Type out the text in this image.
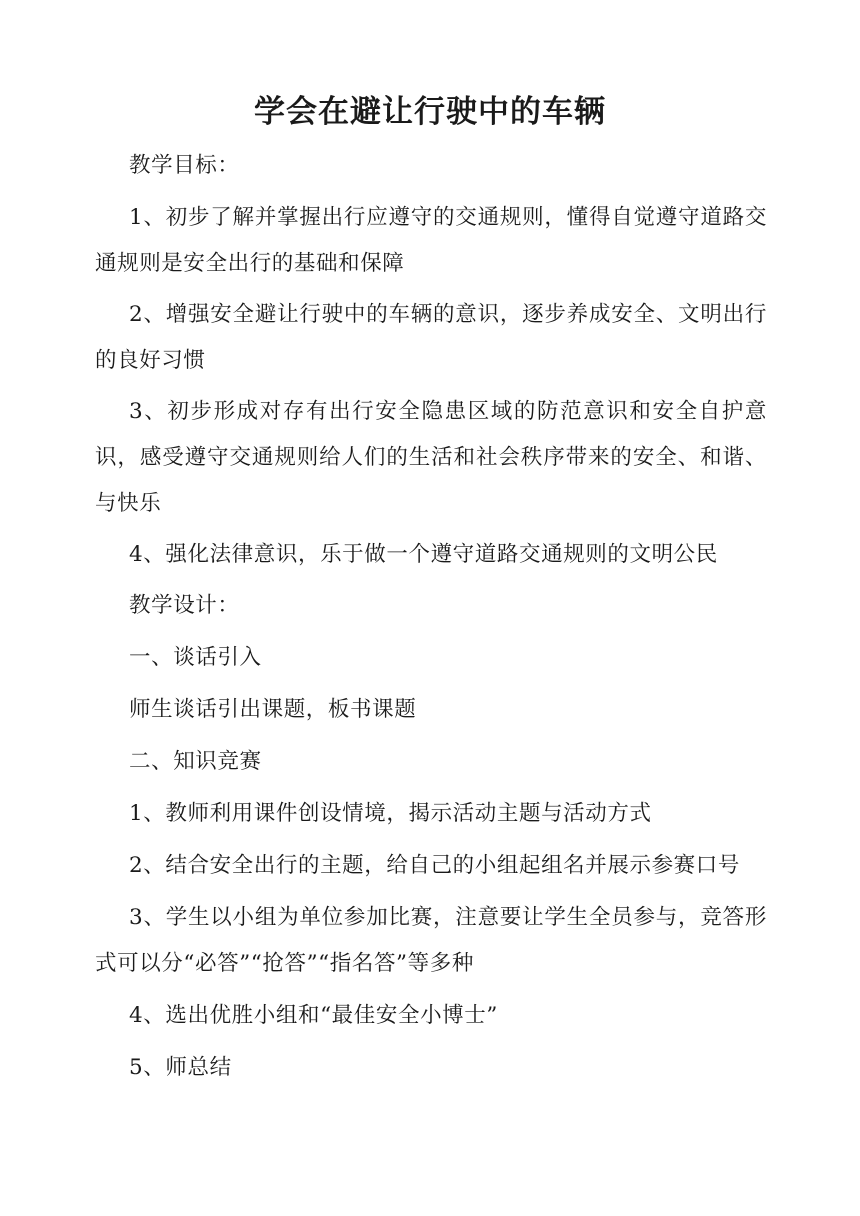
学会在避让行驶中的车辆

教学目标：

1、初步了解并掌握出行应遵守的交通规则，懂得自觉遵守道路交通规则是安全出行的基础和保障

2、增强安全避让行驶中的车辆的意识，逐步养成安全、文明出行的良好习惯

3、初步形成对存有出行安全隐患区域的防范意识和安全自护意识，感受遵守交通规则给人们的生活和社会秩序带来的安全、和谐、与快乐

4、强化法律意识，乐于做一个遵守道路交通规则的文明公民

教学设计：

一、谈话引入

师生谈话引出课题，板书课题

二、知识竞赛

1、教师利用课件创设情境，揭示活动主题与活动方式

2、结合安全出行的主题，给自己的小组起组名并展示参赛口号

3、学生以小组为单位参加比赛，注意要让学生全员参与，竞答形式可以分“必答”“抢答”“指名答”等多种

4、选出优胜小组和“最佳安全小博士”

5、师总结
